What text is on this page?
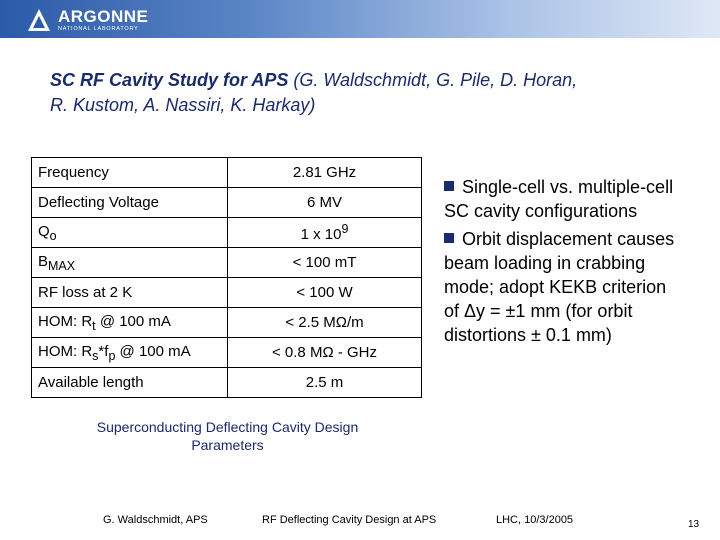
ARGONNE
NATIONAL LABORATORY
SC RF Cavity Study for APS (G. Waldschmidt, G. Pile, D. Horan,
R. Kustom, A. Nassiri, K. Harkay)
Frequency	2.81 GHz
Deflecting Voltage	6 MV
$Q_o$	1 x $10^9$
$B_{MAX}$	< 100 mT
RF loss at 2 K	< 100 W
HOM: $R_t$ @ 100 mA	< 2.5 MΩ/m
HOM: $R_s*f_p$ @ 100 mA	< 0.8 MΩ - GHz
Available length	2.5 m
Superconducting Deflecting Cavity Design
Parameters
Single-cell vs. multiple-cell SC cavity configurations
Orbit displacement causes beam loading in crabbing mode; adopt KEKB criterion of Δy = ±1 mm (for orbit distortions ± 0.1 mm)
G. Waldschmidt, APS	RF Deflecting Cavity Design at APS	LHC, 10/3/2005	13
